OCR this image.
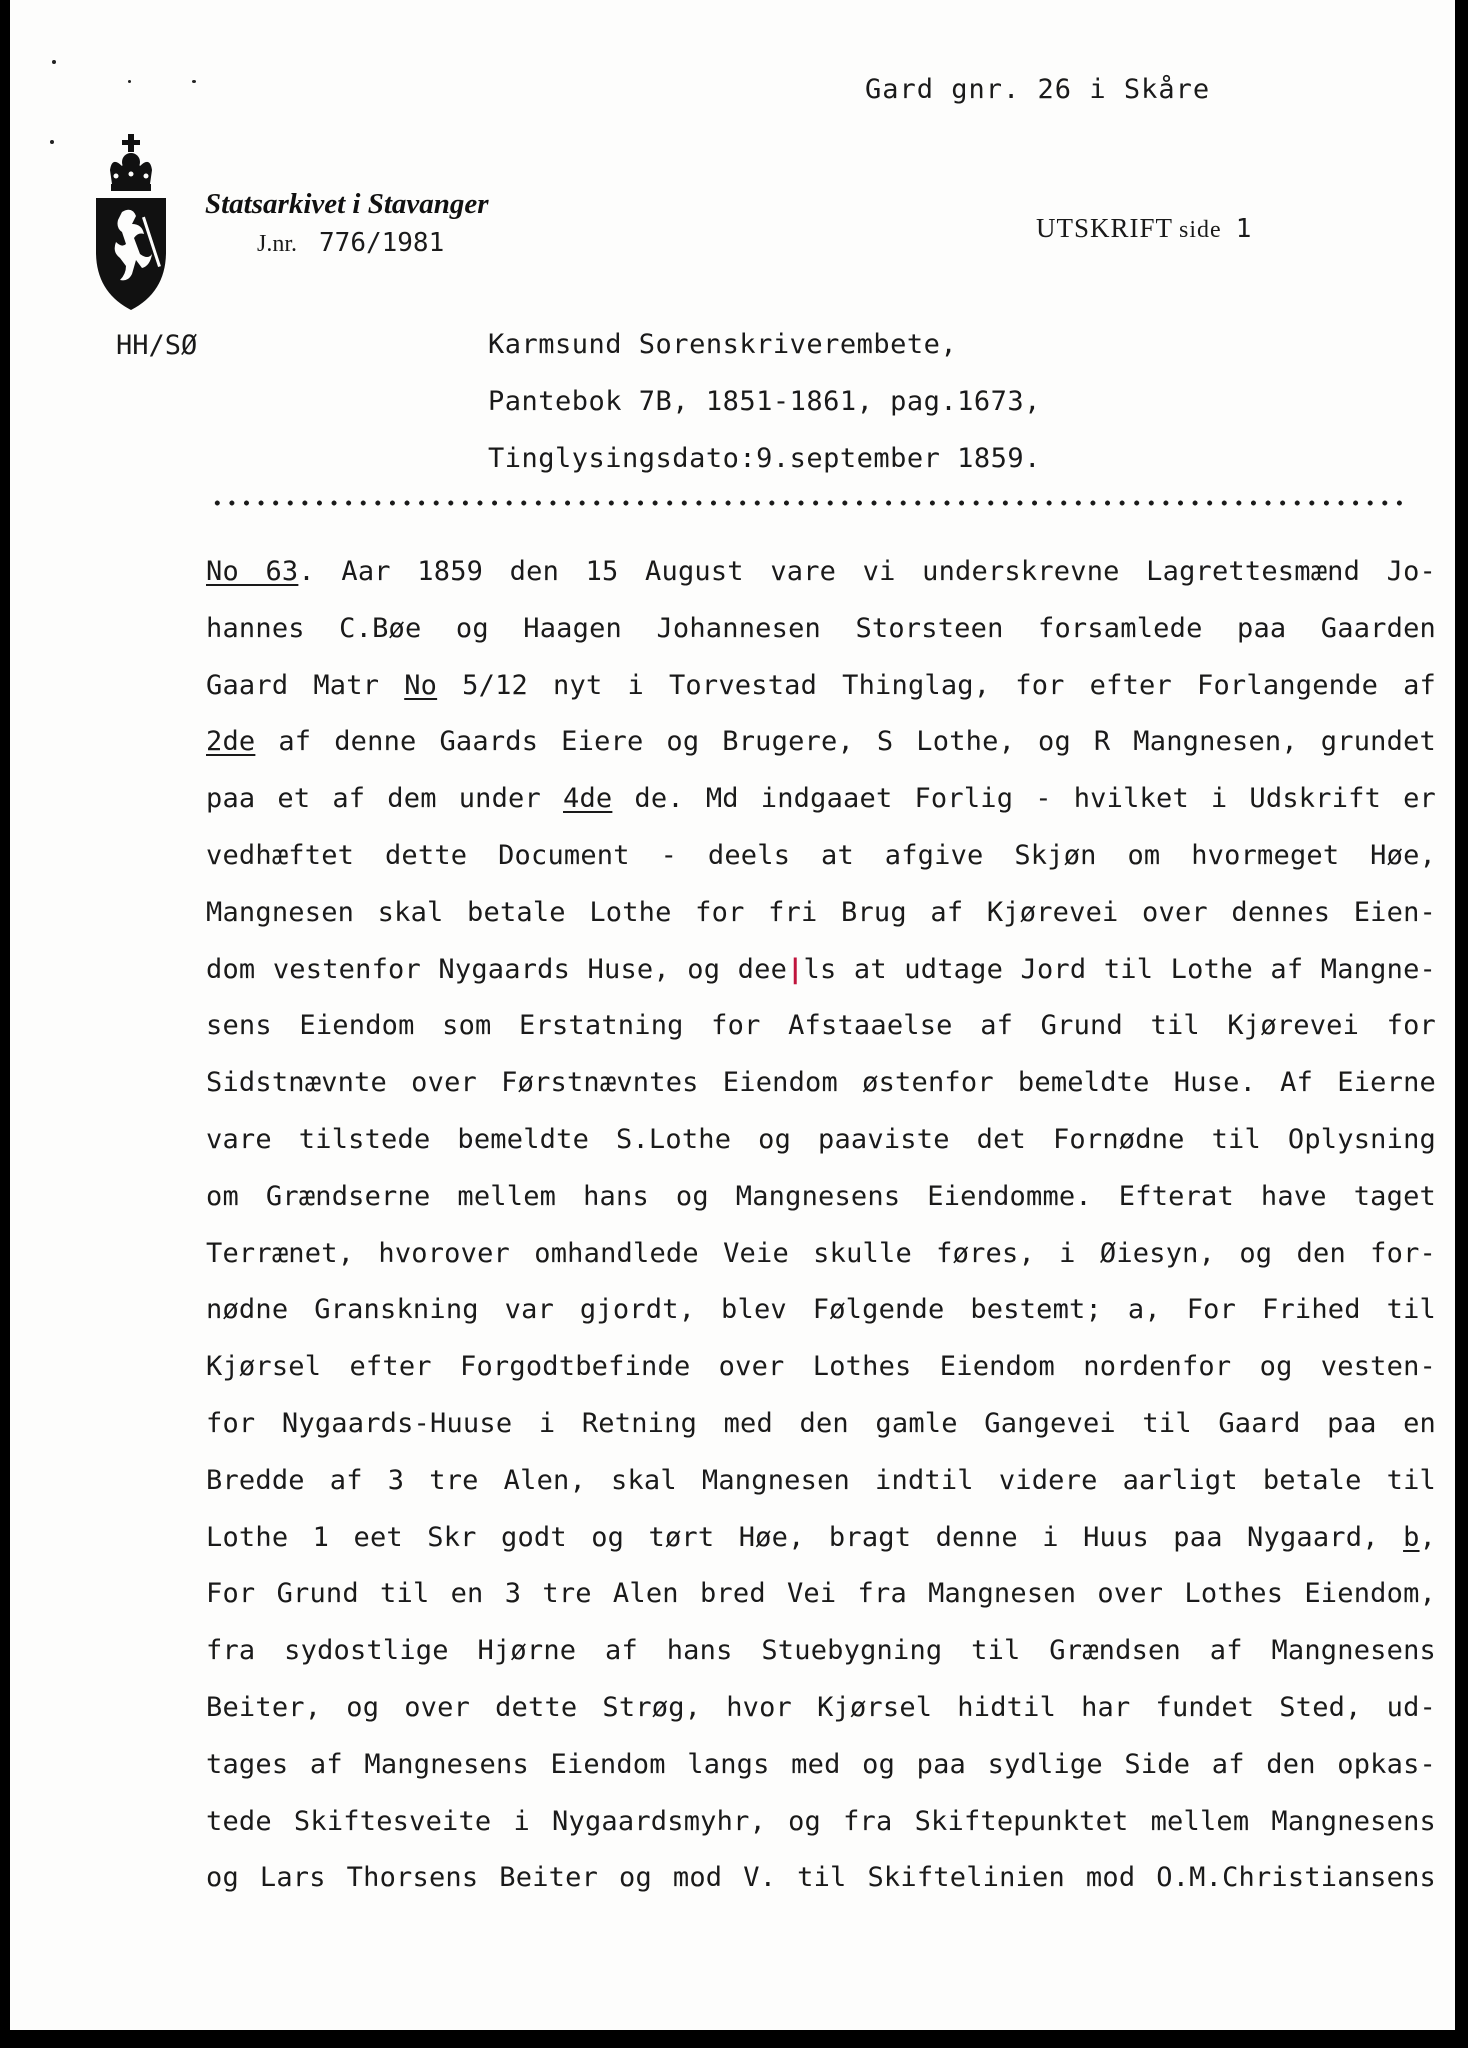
Gard gnr. 26 i Skåre
Statsarkivet i Stavanger
J.nr. 776/1981	UTSKRIFT side 1
HH/SØ	Karmsund Sorenskriverembete,
Pantebok 7B, 1851-1861, pag.1673,
Tinglysingsdato:9.september 1859.
No 63. Aar 1859 den 15 August vare vi underskrevne Lagrettesmænd Jo-
hannes C.Bøe og Haagen Johannesen Storsteen forsamlede paa Gaarden
Gaard Matr No 5/12 nyt i Torvestad Thinglag, for efter Forlangende af
2de af denne Gaards Eiere og Brugere, S Lothe, og R Mangnesen, grundet
paa et af dem under 4de de. Md indgaaet Forlig - hvilket i Udskrift er
vedhæftet dette Document - deels at afgive Skjøn om hvormeget Høe,
Mangnesen skal betale Lothe for fri Brug af Kjørevei over dennes Eien-
dom vestenfor Nygaards Huse, og dee|ls at udtage Jord til Lothe af Mangne-
sens Eiendom som Erstatning for Afstaaelse af Grund til Kjørevei for
Sidstnævnte over Førstnævntes Eiendom østenfor bemeldte Huse. Af Eierne
vare tilstede bemeldte S.Lothe og paaviste det Fornødne til Oplysning
om Grændserne mellem hans og Mangnesens Eiendomme. Efterat have taget
Terrænet, hvorover omhandlede Veie skulle føres, i Øiesyn, og den for-
nødne Granskning var gjordt, blev Følgende bestemt; a, For Frihed til
Kjørsel efter Forgodtbefinde over Lothes Eiendom nordenfor og vesten-
for Nygaards-Huuse i Retning med den gamle Gangevei til Gaard paa en
Bredde af 3 tre Alen, skal Mangnesen indtil videre aarligt betale til
Lothe 1 eet Skr godt og tørt Høe, bragt denne i Huus paa Nygaard, b,
For Grund til en 3 tre Alen bred Vei fra Mangnesen over Lothes Eiendom,
fra sydostlige Hjørne af hans Stuebygning til Grændsen af Mangnesens
Beiter, og over dette Strøg, hvor Kjørsel hidtil har fundet Sted, ud-
tages af Mangnesens Eiendom langs med og paa sydlige Side af den opkas-
tede Skiftesveite i Nygaardsmyhr, og fra Skiftepunktet mellem Mangnesens
og Lars Thorsens Beiter og mod V. til Skiftelinien mod O.M.Christiansens
